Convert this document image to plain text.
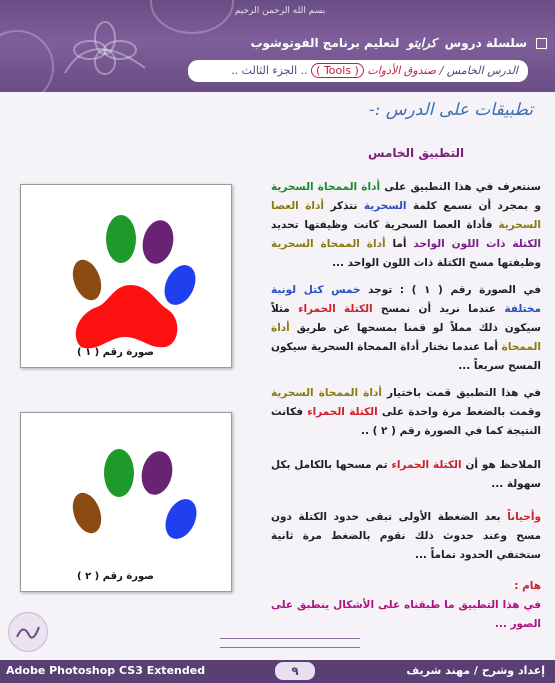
بسم الله الرحمن الرحيم
سلسلة دروس كرايتو لتعليم برنامج الفوتوشوب
الدرس الخامس / صندوق الأدوات ( Tools ) .. الجزء الثالث ..
تطبيقات على الدرس :-
التطبيق الخامس
سنتعرف في هذا التطبيق على أداة الممحاة السحرية و بمجرد أن نسمع كلمة السحرية نتذكر أداة العصا السحرية فأداة العصا السحرية كانت وظيفتها تحديد الكتلة ذات اللون الواحد أما أداة الممحاة السحرية وظيفتها مسح الكتلة ذات اللون الواحد ...
في الصورة رقم ( ١ ) : توجد خمس كتل لونية مختلفة عندما نريد أن نمسح الكتلة الحمراء مثلاً سيكون ذلك مملاً لو قمنا بمسحها عن طريق أداة الممحاة أما عندما نختار أداة الممحاة السحرية سيكون المسح سريعاً ...
في هذا التطبيق قمت باختيار أداة الممحاة السحرية وقمت بالضغط مرة واحدة على الكتلة الحمراء فكانت النتيجة كما في الصورة رقم ( ٢ ) ..
الملاحظ هو أن الكتلة الحمراء تم مسحها بالكامل بكل سهولة ...
وأحياناً بعد الضغطة الأولى تبقى حدود الكتلة دون مسح وعند حدوث ذلك نقوم بالضغط مرة ثانية ستختفي الحدود تماماً ...
هام :
في هذا التطبيق ما طبقناه على الأشكال ينطبق على الصور ...
صورة رقم ( ١ )
صورة رقم ( ٢ )
Adobe Photoshop CS3 Extended	٩	إعداد وشرح / مهند شريف
